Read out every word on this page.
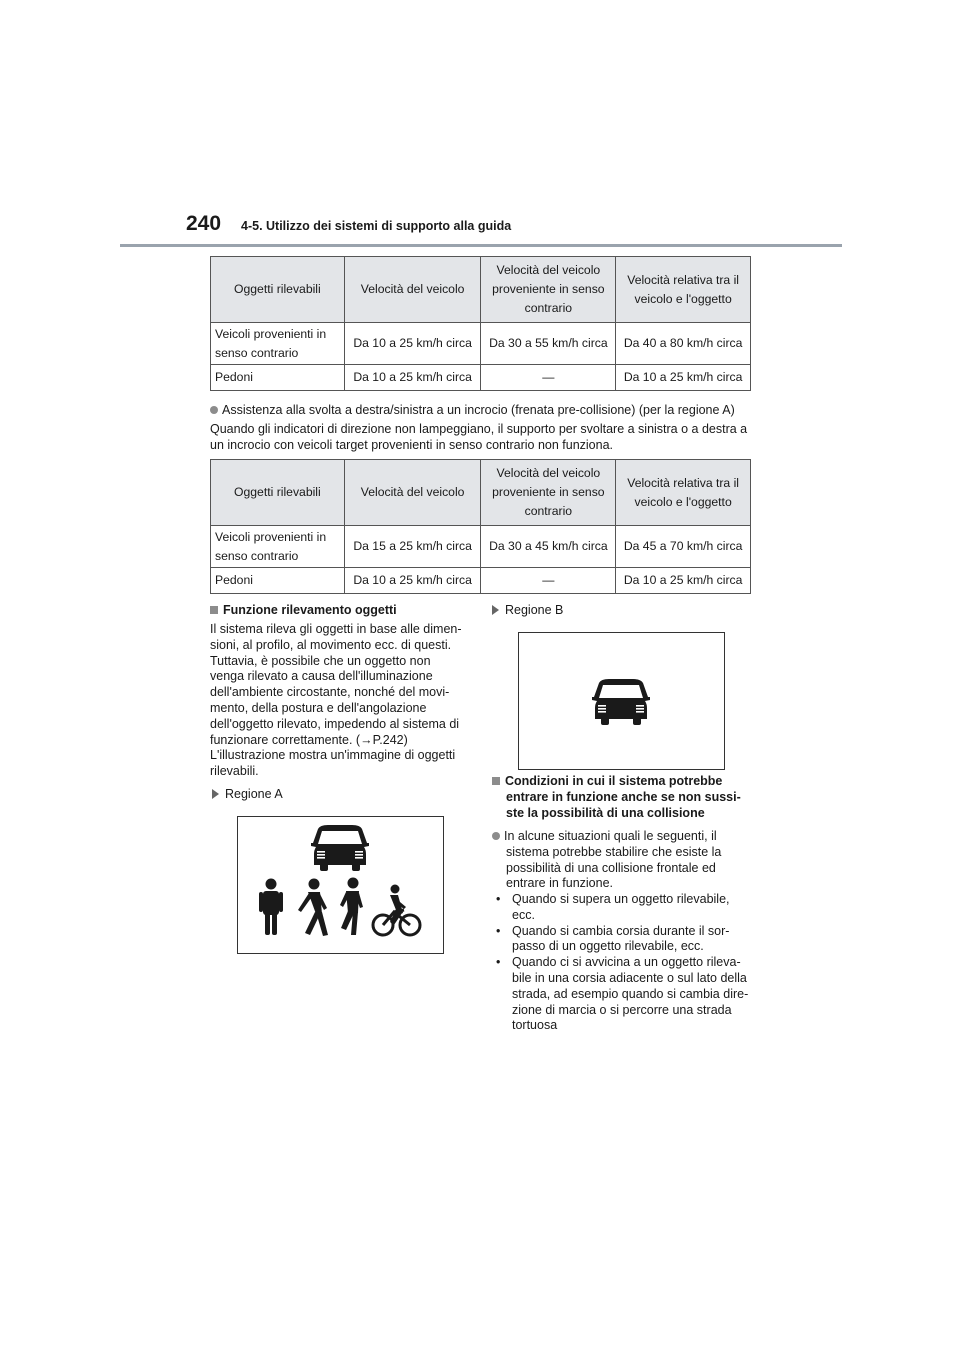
240 4-5. Utilizzo dei sistemi di supporto alla guida
Oggetti rilevabili	Velocità del veicolo	Velocità del veicolo proveniente in senso contrario	Velocità relativa tra il veicolo e l'oggetto
Veicoli provenienti in senso contrario	Da 10 a 25 km/h circa	Da 30 a 55 km/h circa	Da 40 a 80 km/h circa
Pedoni	Da 10 a 25 km/h circa	—	Da 10 a 25 km/h circa
Assistenza alla svolta a destra/sinistra a un incrocio (frenata pre-collisione) (per la regione A)
Quando gli indicatori di direzione non lampeggiano, il supporto per svoltare a sinistra o a destra a un incrocio con veicoli target provenienti in senso contrario non funziona.
Oggetti rilevabili	Velocità del veicolo	Velocità del veicolo proveniente in senso contrario	Velocità relativa tra il veicolo e l'oggetto
Veicoli provenienti in senso contrario	Da 15 a 25 km/h circa	Da 30 a 45 km/h circa	Da 45 a 70 km/h circa
Pedoni	Da 10 a 25 km/h circa	—	Da 10 a 25 km/h circa
Funzione rilevamento oggetti
Il sistema rileva gli oggetti in base alle dimen-
sioni, al profilo, al movimento ecc. di questi.
Tuttavia, è possibile che un oggetto non
venga rilevato a causa dell'illuminazione
dell'ambiente circostante, nonché del movi-
mento, della postura e dell'angolazione
dell'oggetto rilevato, impedendo al sistema di
funzionare correttamente. (→P.242)
L'illustrazione mostra un'immagine di oggetti
rilevabili.
Regione A
Regione B
Condizioni in cui il sistema potrebbe
entrare in funzione anche se non sussi-
ste la possibilità di una collisione
In alcune situazioni quali le seguenti, il
sistema potrebbe stabilire che esiste la
possibilità di una collisione frontale ed
entrare in funzione.
• Quando si supera un oggetto rilevabile,
ecc.
• Quando si cambia corsia durante il sor-
passo di un oggetto rilevabile, ecc.
• Quando ci si avvicina a un oggetto rileva-
bile in una corsia adiacente o sul lato della
strada, ad esempio quando si cambia dire-
zione di marcia o si percorre una strada
tortuosa
